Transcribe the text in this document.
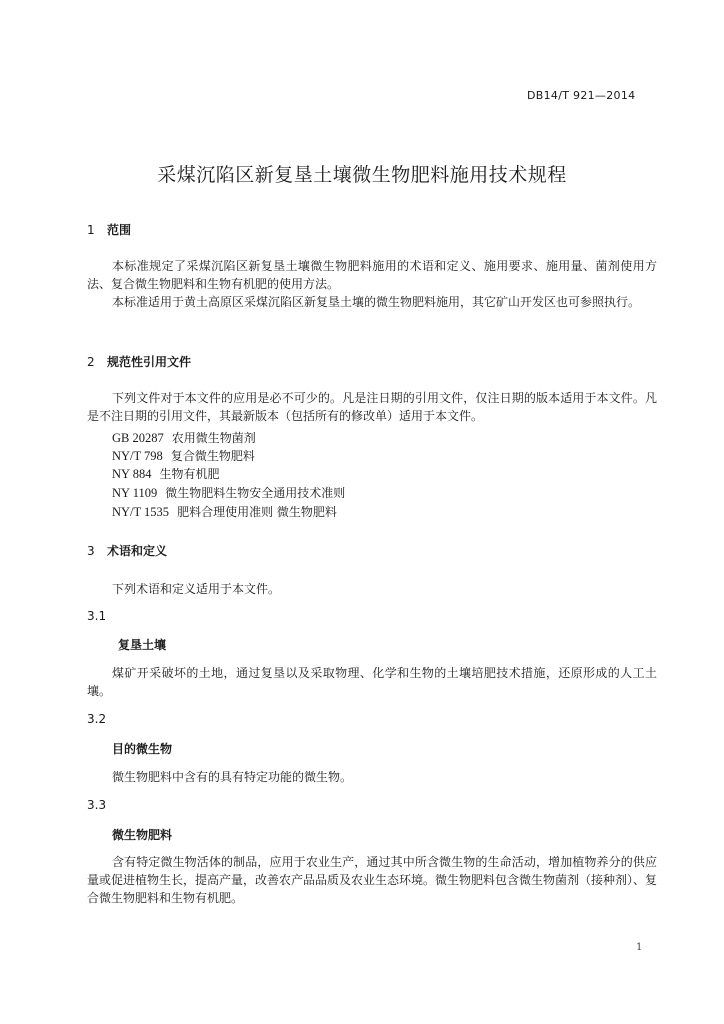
DB14/T 921—2014
采煤沉陷区新复垦土壤微生物肥料施用技术规程
1 范围
本标准规定了采煤沉陷区新复垦土壤微生物肥料施用的术语和定义、施用要求、施用量、菌剂使用方法、复合微生物肥料和生物有机肥的使用方法。
本标准适用于黄土高原区采煤沉陷区新复垦土壤的微生物肥料施用，其它矿山开发区也可参照执行。
2 规范性引用文件
下列文件对于本文件的应用是必不可少的。凡是注日期的引用文件，仅注日期的版本适用于本文件。凡是不注日期的引用文件，其最新版本（包括所有的修改单）适用于本文件。
GB 20287 农用微生物菌剂
NY/T 798 复合微生物肥料
NY 884 生物有机肥
NY 1109 微生物肥料生物安全通用技术准则
NY/T 1535 肥料合理使用准则 微生物肥料
3 术语和定义
下列术语和定义适用于本文件。
3.1
复垦土壤
煤矿开采破坏的土地，通过复垦以及采取物理、化学和生物的土壤培肥技术措施，还原形成的人工土壤。
3.2
目的微生物
微生物肥料中含有的具有特定功能的微生物。
3.3
微生物肥料
含有特定微生物活体的制品，应用于农业生产，通过其中所含微生物的生命活动，增加植物养分的供应量或促进植物生长，提高产量，改善农产品品质及农业生态环境。微生物肥料包含微生物菌剂（接种剂）、复合微生物肥料和生物有机肥。
1
